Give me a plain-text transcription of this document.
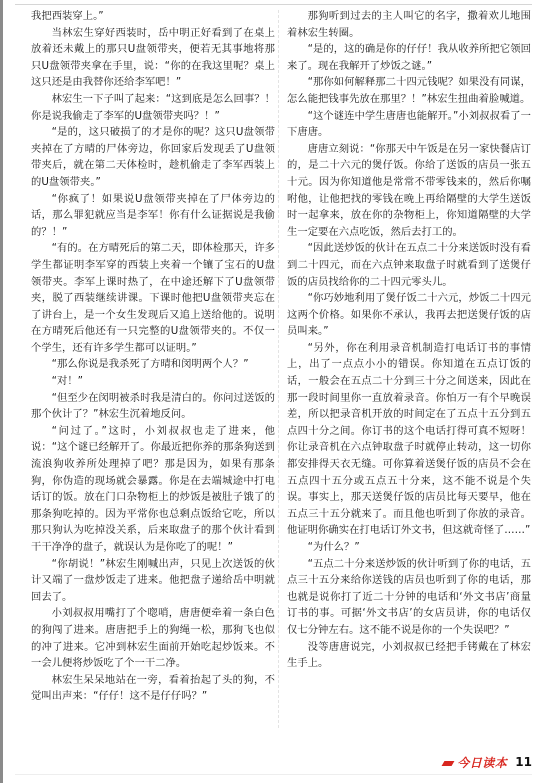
我把西装穿上。”

当林宏生穿好西装时，岳中明正好看到了在桌上放着还未戴上的那只U盘领带夹，便若无其事地将那只U盘领带夹拿在手里，说：“你的在我这里呢？桌上这只还是由我替你还给李军吧！”

林宏生一下子叫了起来：“这到底是怎么回事？！你是说我偷走了李军的U盘领带夹吗？！”

“是的，这只破损了的才是你的呢？这只U盘领带夹掉在了方晴的尸体旁边，你回家后发现丢了U盘领带夹后，就在第二天体检时，趁机偷走了李军西装上的U盘领带夹。”

“你疯了！如果说U盘领带夹掉在了尸体旁边的话，那么罪犯就应当是李军！你有什么证据说是我偷的？！”

“有的。在方晴死后的第二天，即体检那天，许多学生都证明李军穿的西装上夹着一个镶了宝石的U盘领带夹。李军上课时热了，在中途还解下了U盘领带夹，脱了西装继续讲课。下课时他把U盘领带夹忘在了讲台上，是一个女生发现后又追上送给他的。说明在方晴死后他还有一只完整的U盘领带夹的。不仅一个学生，还有许多学生都可以证明。”

“那么你说是我杀死了方晴和闵明两个人？”

“对！”

“但至少在闵明被杀时我是清白的。你问过送饭的那个伙计了？”林宏生沉着地反问。

“问过了。”这时，小刘叔叔也走了进来，他说：“这个谜已经解开了。你最近把你养的那条狗送到流浪狗收养所处理掉了吧？那是因为，如果有那条狗，你伪造的现场就会暴露。你是在去端城途中打电话订的饭。放在门口杂物柜上的炒饭是被肚子饿了的那条狗吃掉的。因为平常你也总剩点饭给它吃，所以那只狗认为吃掉没关系，后来取盘子的那个伙计看到干干净净的盘子，就误认为是你吃了的呢！”

“你胡说！”林宏生刚喊出声，只见上次送饭的伙计又端了一盘炒饭走了进来。他把盘子递给岳中明就回去了。

小刘叔叔用嘴打了个唿哨，唐唐便牵着一条白色的狗闯了进来。唐唐把手上的狗绳一松，那狗飞也似的冲了进来。它冲到林宏生面前开始吃起炒饭来。不一会儿便将炒饭吃了个一干二净。

林宏生呆呆地站在一旁，看着抬起了头的狗，不觉叫出声来：“仔仔！这不是仔仔吗？”

那狗听到过去的主人叫它的名字，撒着欢儿地围着林宏生转圈。

“是的，这的确是你的仔仔！我从收养所把它领回来了。现在我解开了炒饭之谜。”

“那你如何解释那二十四元钱呢？如果没有同谋，怎么能把钱事先放在那里？！”林宏生扭曲着脸喊道。

“这个谜连中学生唐唐也能解开。”小刘叔叔看了一下唐唐。

唐唐立刻说：“你那天中午饭是在另一家快餐店订的，是二十六元的煲仔饭。你给了送饭的店员一张五十元。因为你知道他是常常不带零钱来的，然后你嘱咐他，让他把找的零钱在晚上再给隔壁的大学生送饭时一起拿来，放在你的杂物柜上，你知道隔壁的大学生一定要在六点吃饭，然后去打工的。

“因此送炒饭的伙计在五点二十分来送饭时没有看到二十四元，而在六点钟来取盘子时就看到了送煲仔饭的店员找给你的二十四元零头儿。

“你巧妙地利用了煲仔饭二十六元，炒饭二十四元这两个价格。如果你不承认，我再去把送煲仔饭的店员叫来。”

“另外，你在利用录音机制造打电话订书的事情上，出了一点点小小的错误。你知道在五点订饭的话，一般会在五点二十分到三十分之间送来，因此在那一段时间里你一直放着录音。你怕万一有个早晚误差，所以把录音机开放的时间定在了五点十五分到五点四十分之间。你订书的这个电话打得可真不短呀！你让录音机在六点钟取盘子时就停止转动，这一切你都安排得天衣无缝。可你算着送煲仔饭的店员不会在五点四十五分或五点五十分来，这不能不说是个失误。事实上，那天送煲仔饭的店员比每天要早，他在五点三十五分就来了。而且他也听到了你放的录音。他证明你确实在打电话订外文书，但这就奇怪了……”

“为什么？”

“五点二十分来送炒饭的伙计听到了你的电话，五点三十五分来给你送钱的店员也听到了你的电话，那也就是说你打了近二十分钟的电话和‘外文书店’商量订书的事。可据‘外文书店’的女店员讲，你的电话仅仅七分钟左右。这不能不说是你的一个失误吧？”

没等唐唐说完，小刘叔叔已经把手铐戴在了林宏生手上。

今日读本 11
